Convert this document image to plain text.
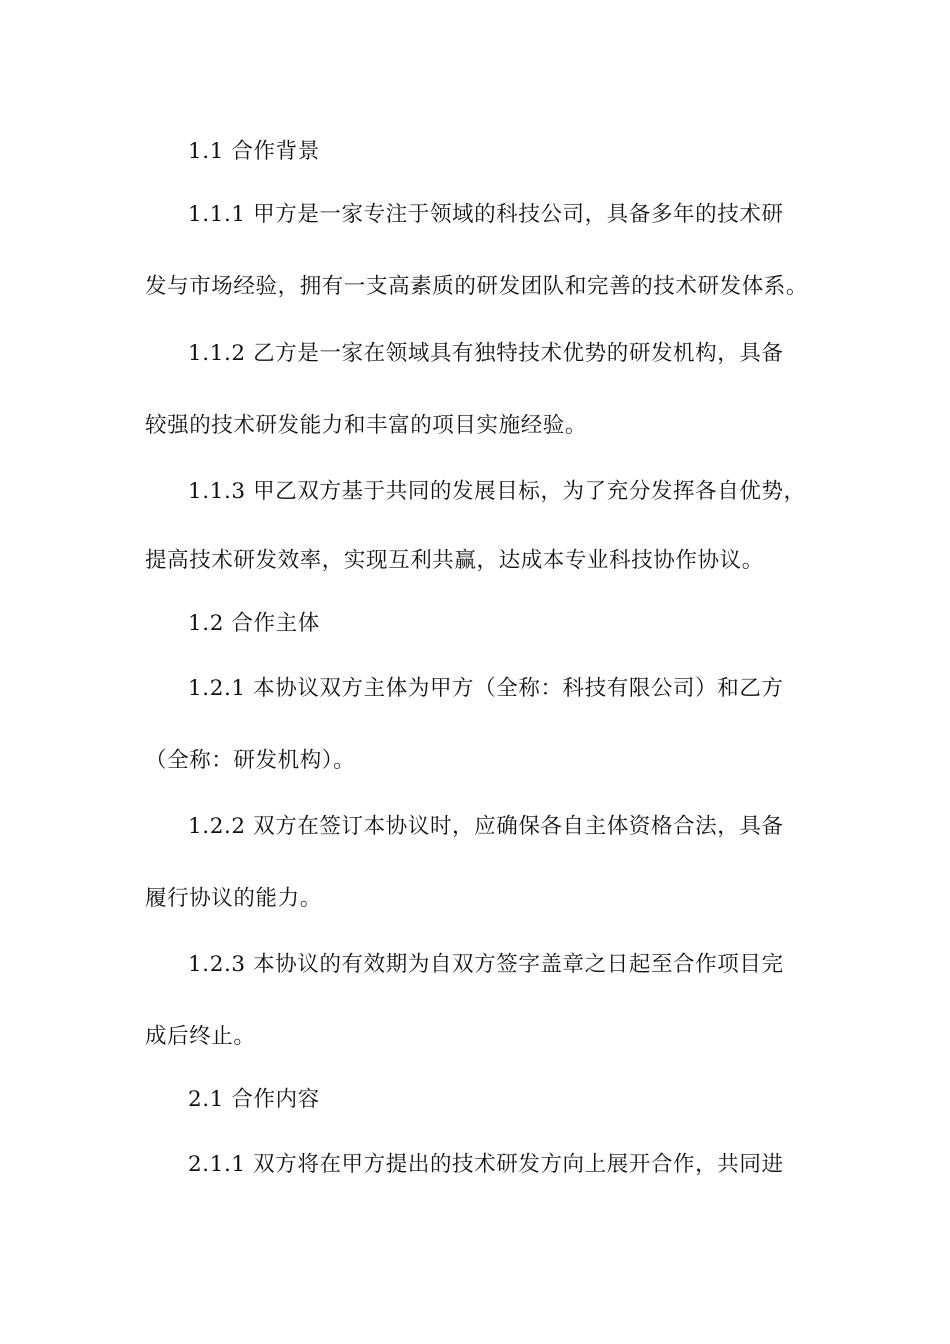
1.1 合作背景
1.1.1 甲方是一家专注于领域的科技公司，具备多年的技术研
发与市场经验，拥有一支高素质的研发团队和完善的技术研发体系。
1.1.2 乙方是一家在领域具有独特技术优势的研发机构，具备
较强的技术研发能力和丰富的项目实施经验。
1.1.3 甲乙双方基于共同的发展目标，为了充分发挥各自优势，
提高技术研发效率，实现互利共赢，达成本专业科技协作协议。
1.2 合作主体
1.2.1 本协议双方主体为甲方（全称：科技有限公司）和乙方
（全称：研发机构）。
1.2.2 双方在签订本协议时，应确保各自主体资格合法，具备
履行协议的能力。
1.2.3 本协议的有效期为自双方签字盖章之日起至合作项目完
成后终止。
2.1 合作内容
2.1.1 双方将在甲方提出的技术研发方向上展开合作，共同进
